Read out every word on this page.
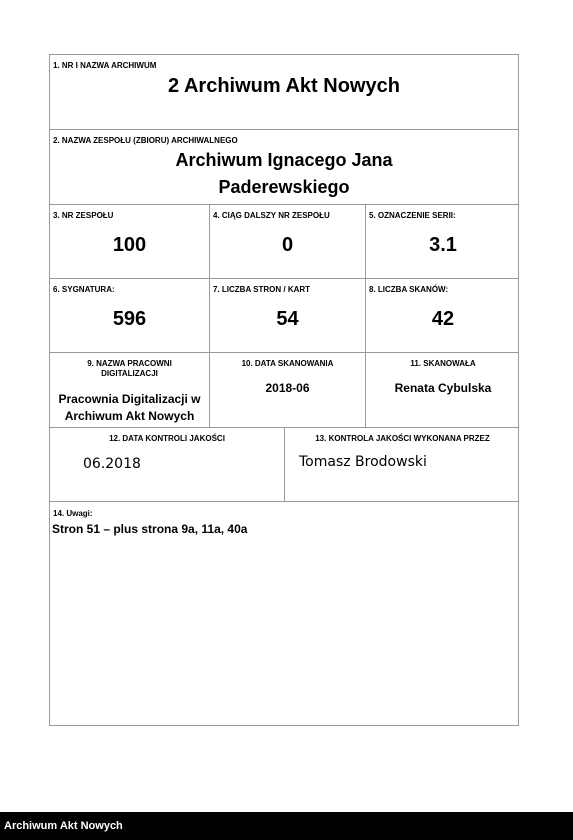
1. NR I NAZWA ARCHIWUM
2 Archiwum Akt Nowych
2. NAZWA ZESPOŁU (ZBIORU) ARCHIWALNEGO
Archiwum Ignacego Jana
Paderewskiego
3. NR ZESPOŁU
100
4. CIĄG DALSZY NR ZESPOŁU
0
5. OZNACZENIE SERII:
3.1
6. SYGNATURA:
596
7. LICZBA STRON / KART
54
8. LICZBA SKANÓW:
42
9. NAZWA PRACOWNI
DIGITALIZACJI
Pracownia Digitalizacji w
Archiwum Akt Nowych
10. DATA SKANOWANIA
2018-06
11. SKANOWAŁA
Renata Cybulska
12. DATA KONTROLI JAKOŚCI
06.2018
13. KONTROLA JAKOŚCI WYKONANA PRZEZ
Tomasz Brodowski
14. Uwagi:
Stron 51 – plus strona 9a, 11a, 40a
Archiwum Akt Nowych
